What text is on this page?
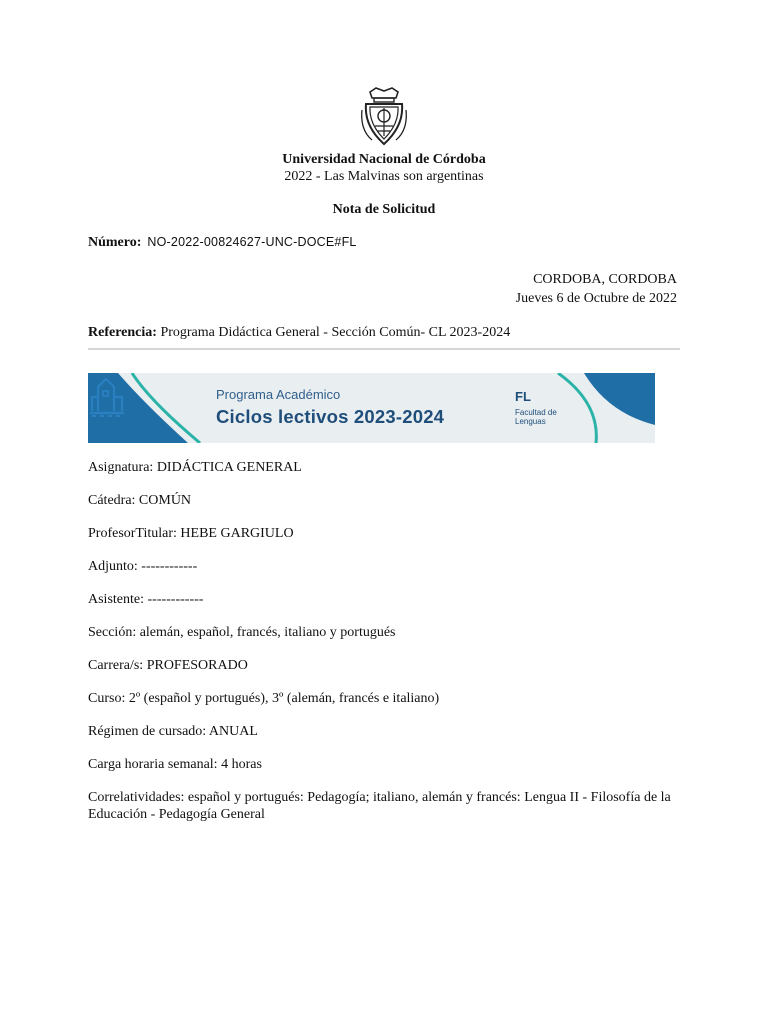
Universidad Nacional de Córdoba
2022 - Las Malvinas son argentinas
Nota de Solicitud
Número: NO-2022-00824627-UNC-DOCE#FL
CORDOBA, CORDOBA
Jueves 6 de Octubre de 2022
Referencia: Programa Didáctica General - Sección Común- CL 2023-2024
Programa Académico
Ciclos lectivos 2023-2024
FL
Facultad de Lenguas
Asignatura: DIDÁCTICA GENERAL
Cátedra: COMÚN
ProfesorTitular: HEBE GARGIULO
Adjunto: ------------
Asistente: ------------
Sección: alemán, español, francés, italiano y portugués
Carrera/s: PROFESORADO
Curso: 2º (español y portugués), 3º (alemán, francés e italiano)
Régimen de cursado: ANUAL
Carga horaria semanal: 4 horas
Correlatividades: español y portugués: Pedagogía; italiano, alemán y francés: Lengua II - Filosofía de la Educación - Pedagogía General
